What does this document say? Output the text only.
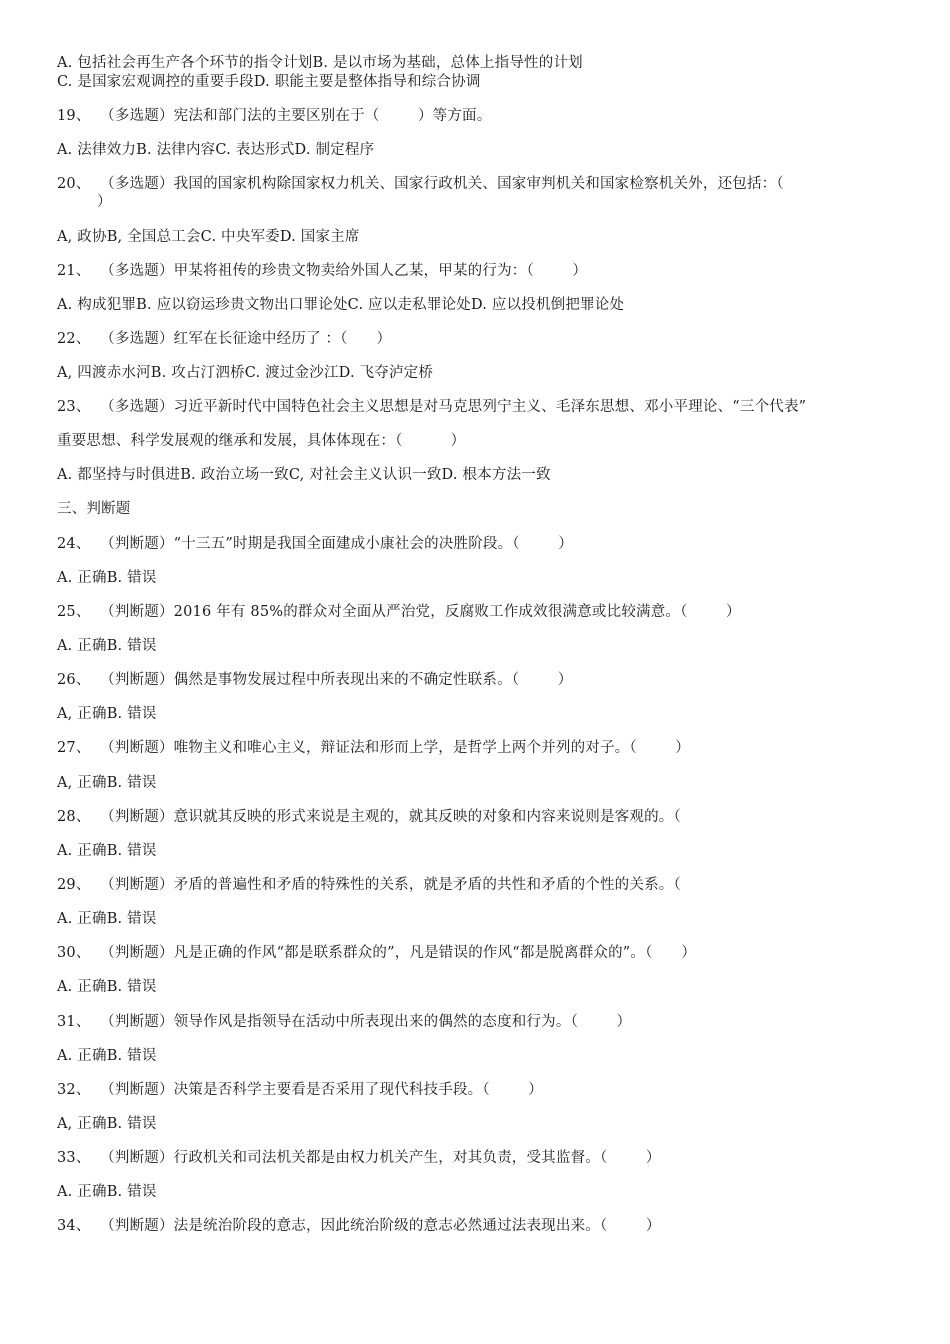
A. 包括社会再生产各个环节的指令计划B. 是以市场为基础，总体上指导性的计划
C. 是国家宏观调控的重要手段D. 职能主要是整体指导和综合协调
19、  （多选题）宪法和部门法的主要区别在于（        ）等方面。
A. 法律效力B. 法律内容C. 表达形式D. 制定程序
20、  （多选题）我国的国家机构除国家权力机关、国家行政机关、国家审判机关和国家检察机关外，还包括：（
）
A, 政协B, 全国总工会C. 中央军委D. 国家主席
21、  （多选题）甲某将祖传的珍贵文物卖给外国人乙某，甲某的行为：（        ）
A. 构成犯罪B. 应以窃运珍贵文物出口罪论处C. 应以走私罪论处D. 应以投机倒把罪论处
22、  （多选题）红军在长征途中经历了 ：（      ）
A, 四渡赤水河B. 攻占汀泗桥C. 渡过金沙江D. 飞夺泸定桥
23、  （多选题）习近平新时代中国特色社会主义思想是对马克思列宁主义、毛泽东思想、邓小平理论、“三个代表”
重要思想、科学发展观的继承和发展，具体体现在：（          ）
A. 都坚持与时俱进B. 政治立场一致C, 对社会主义认识一致D. 根本方法一致
三、判断题
24、  （判断题）“十三五”时期是我国全面建成小康社会的决胜阶段。（        ）
A. 正确B. 错误
25、  （判断题）2016 年有 85%的群众对全面从严治党，反腐败工作成效很满意或比较满意。（        ）
A. 正确B. 错误
26、  （判断题）偶然是事物发展过程中所表现出来的不确定性联系。（        ）
A, 正确B. 错误
27、  （判断题）唯物主义和唯心主义，辩证法和形而上学，是哲学上两个并列的对子。（        ）
A, 正确B. 错误
28、  （判断题）意识就其反映的形式来说是主观的，就其反映的对象和内容来说则是客观的。（
A. 正确B. 错误
29、  （判断题）矛盾的普遍性和矛盾的特殊性的关系，就是矛盾的共性和矛盾的个性的关系。（
A. 正确B. 错误
30、  （判断题）凡是正确的作风“都是联系群众的”，凡是错误的作风“都是脱离群众的”。（      ）
A. 正确B. 错误
31、  （判断题）领导作风是指领导在活动中所表现出来的偶然的态度和行为。（        ）
A. 正确B. 错误
32、  （判断题）决策是否科学主要看是否采用了现代科技手段。（        ）
A, 正确B. 错误
33、  （判断题）行政机关和司法机关都是由权力机关产生，对其负责，受其监督。（        ）
A. 正确B. 错误
34、  （判断题）法是统治阶段的意志，因此统治阶级的意志必然通过法表现出来。（        ）
